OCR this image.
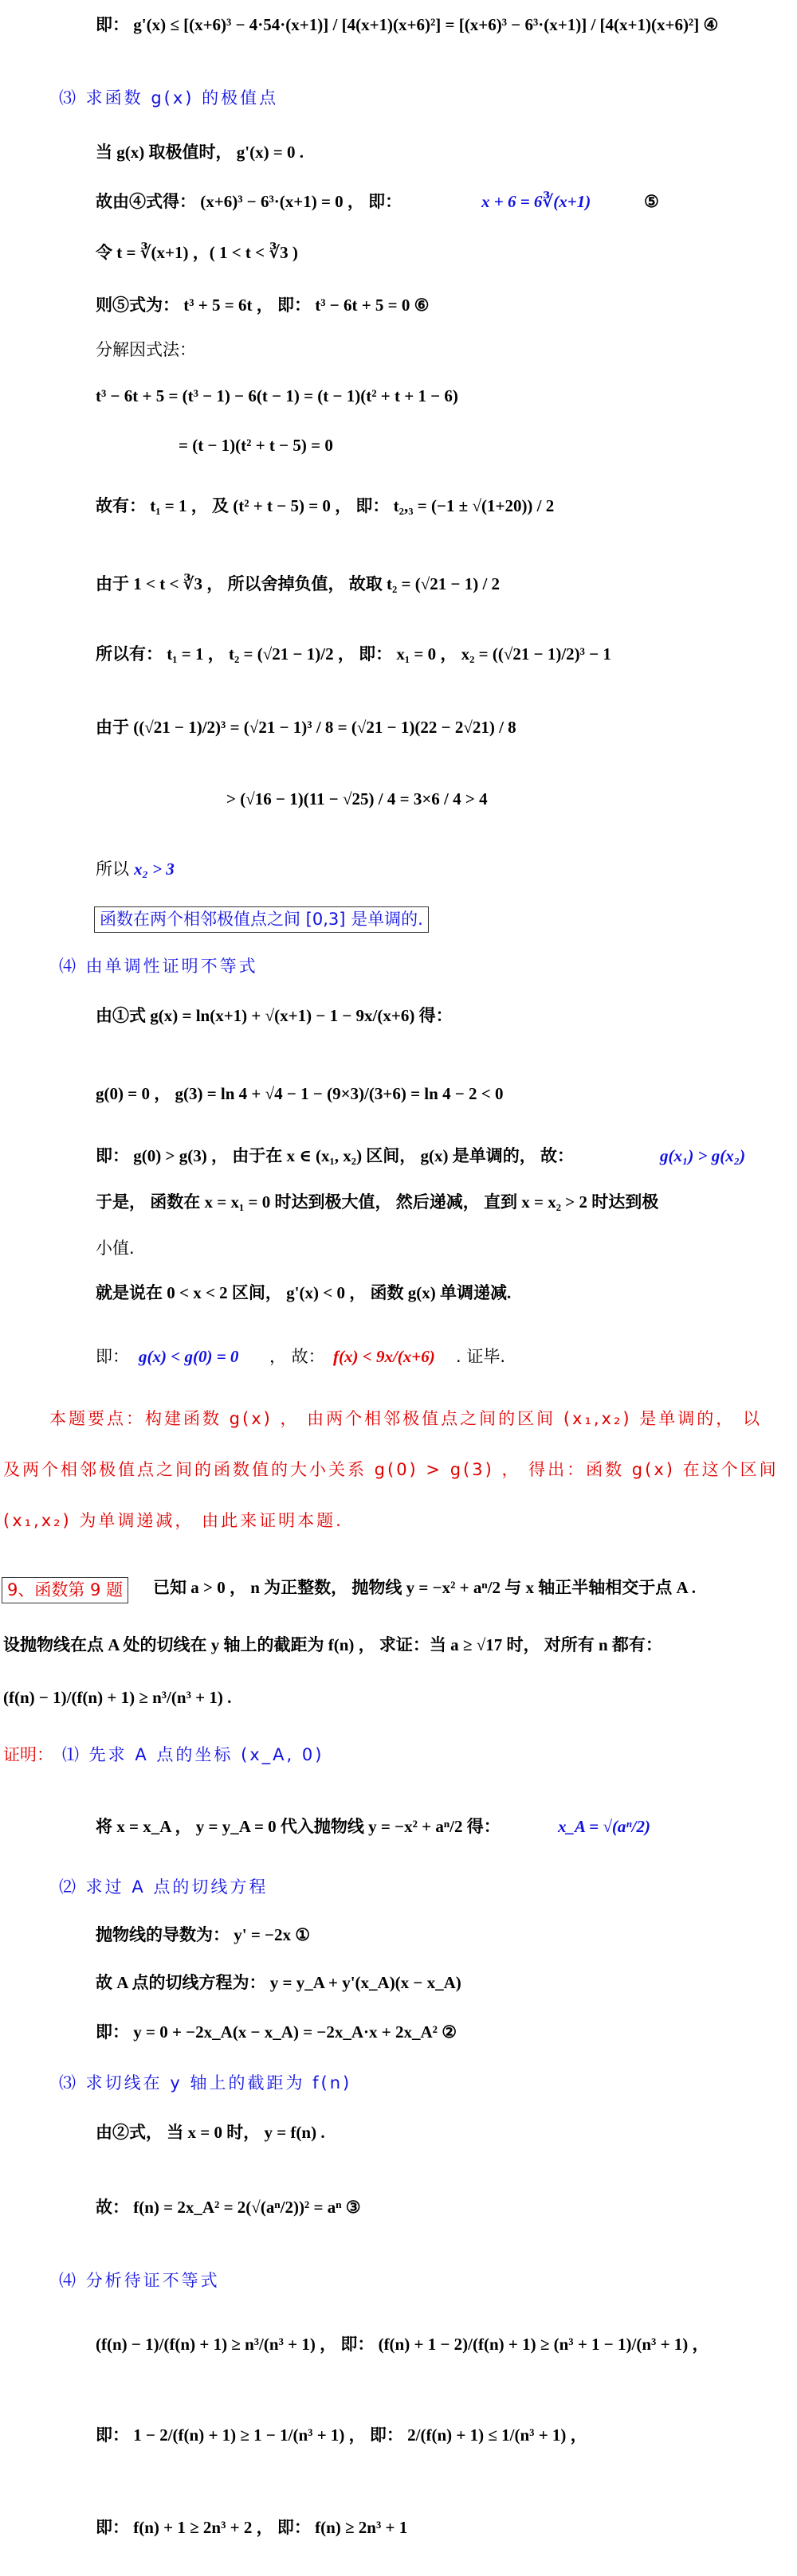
即： g'(x) ≤ [(x+6)³ − 4·54·(x+1)] / [4(x+1)(x+6)²] = [(x+6)³ − 6³·(x+1)] / [4(x+1)(x+6)²] ④
⑶ 求函数 g(x) 的极值点
当 g(x) 取极值时， g'(x) = 0 .
故由④式得： (x+6)³ − 6³·(x+1) = 0 ， 即：	x + 6 = 6∛(x+1)	⑤
令 t = ∛(x+1) ，( 1 < t < ∛3 )
则⑤式为： t³ + 5 = 6t ， 即： t³ − 6t + 5 = 0 ⑥
分解因式法：
t³ − 6t + 5 = (t³ − 1) − 6(t − 1) = (t − 1)(t² + t + 1 − 6)
= (t − 1)(t² + t − 5) = 0
故有： t₁ = 1 ， 及 (t² + t − 5) = 0 ， 即： t₂,₃ = (−1 ± √(1+20)) / 2
由于 1 < t < ∛3 ， 所以舍掉负值， 故取 t₂ = (√21 − 1) / 2
所以有： t₁ = 1 ， t₂ = (√21 − 1)/2 ， 即： x₁ = 0 ， x₂ = ((√21 − 1)/2)³ − 1
由于 ((√21 − 1)/2)³ = (√21 − 1)³ / 8 = (√21 − 1)(22 − 2√21) / 8
> (√16 − 1)(11 − √25) / 4 = 3×6 / 4 > 4
所以 x₂ > 3
函数在两个相邻极值点之间 [0,3] 是单调的.
⑷ 由单调性证明不等式
由①式 g(x) = ln(x+1) + √(x+1) − 1 − 9x/(x+6) 得：
g(0) = 0 ， g(3) = ln 4 + √4 − 1 − (9×3)/(3+6) = ln 4 − 2 < 0
即： g(0) > g(3) ， 由于在 x ∈ (x₁, x₂) 区间， g(x) 是单调的， 故：	g(x₁) > g(x₂)
于是， 函数在 x = x₁ = 0 时达到极大值， 然后递减， 直到 x = x₂ > 2 时达到极
小值.
就是说在 0 < x < 2 区间， g'(x) < 0 ， 函数 g(x) 单调递减.
即： g(x) < g(0) = 0 ， 故： f(x) < 9x/(x+6) . 证毕.
本题要点：构建函数 g(x) ， 由两个相邻极值点之间的区间 (x₁,x₂) 是单调的， 以
及两个相邻极值点之间的函数值的大小关系 g(0) > g(3) ， 得出：函数 g(x) 在这个区间
(x₁,x₂) 为单调递减， 由此来证明本题.
9、函数第 9 题	已知 a > 0 ， n 为正整数， 抛物线 y = −x² + aⁿ/2 与 x 轴正半轴相交于点 A .
设抛物线在点 A 处的切线在 y 轴上的截距为 f(n) ， 求证：当 a ≥ √17 时， 对所有 n 都有：
(f(n) − 1)/(f(n) + 1) ≥ n³/(n³ + 1) .
证明： ⑴ 先求 A 点的坐标 (x_A, 0)
将 x = x_A ， y = y_A = 0 代入抛物线 y = −x² + aⁿ/2 得：	x_A = √(aⁿ/2)
⑵ 求过 A 点的切线方程
抛物线的导数为： y' = −2x ①
故 A 点的切线方程为： y = y_A + y'(x_A)(x − x_A)
即： y = 0 + −2x_A(x − x_A) = −2x_A·x + 2x_A² ②
⑶ 求切线在 y 轴上的截距为 f(n)
由②式， 当 x = 0 时， y = f(n) .
故： f(n) = 2x_A² = 2(√(aⁿ/2))² = aⁿ ③
⑷ 分析待证不等式
(f(n) − 1)/(f(n) + 1) ≥ n³/(n³ + 1) ， 即： (f(n) + 1 − 2)/(f(n) + 1) ≥ (n³ + 1 − 1)/(n³ + 1) ，
即： 1 − 2/(f(n) + 1) ≥ 1 − 1/(n³ + 1) ， 即： 2/(f(n) + 1) ≤ 1/(n³ + 1) ，
即： f(n) + 1 ≥ 2n³ + 2 ， 即： f(n) ≥ 2n³ + 1
